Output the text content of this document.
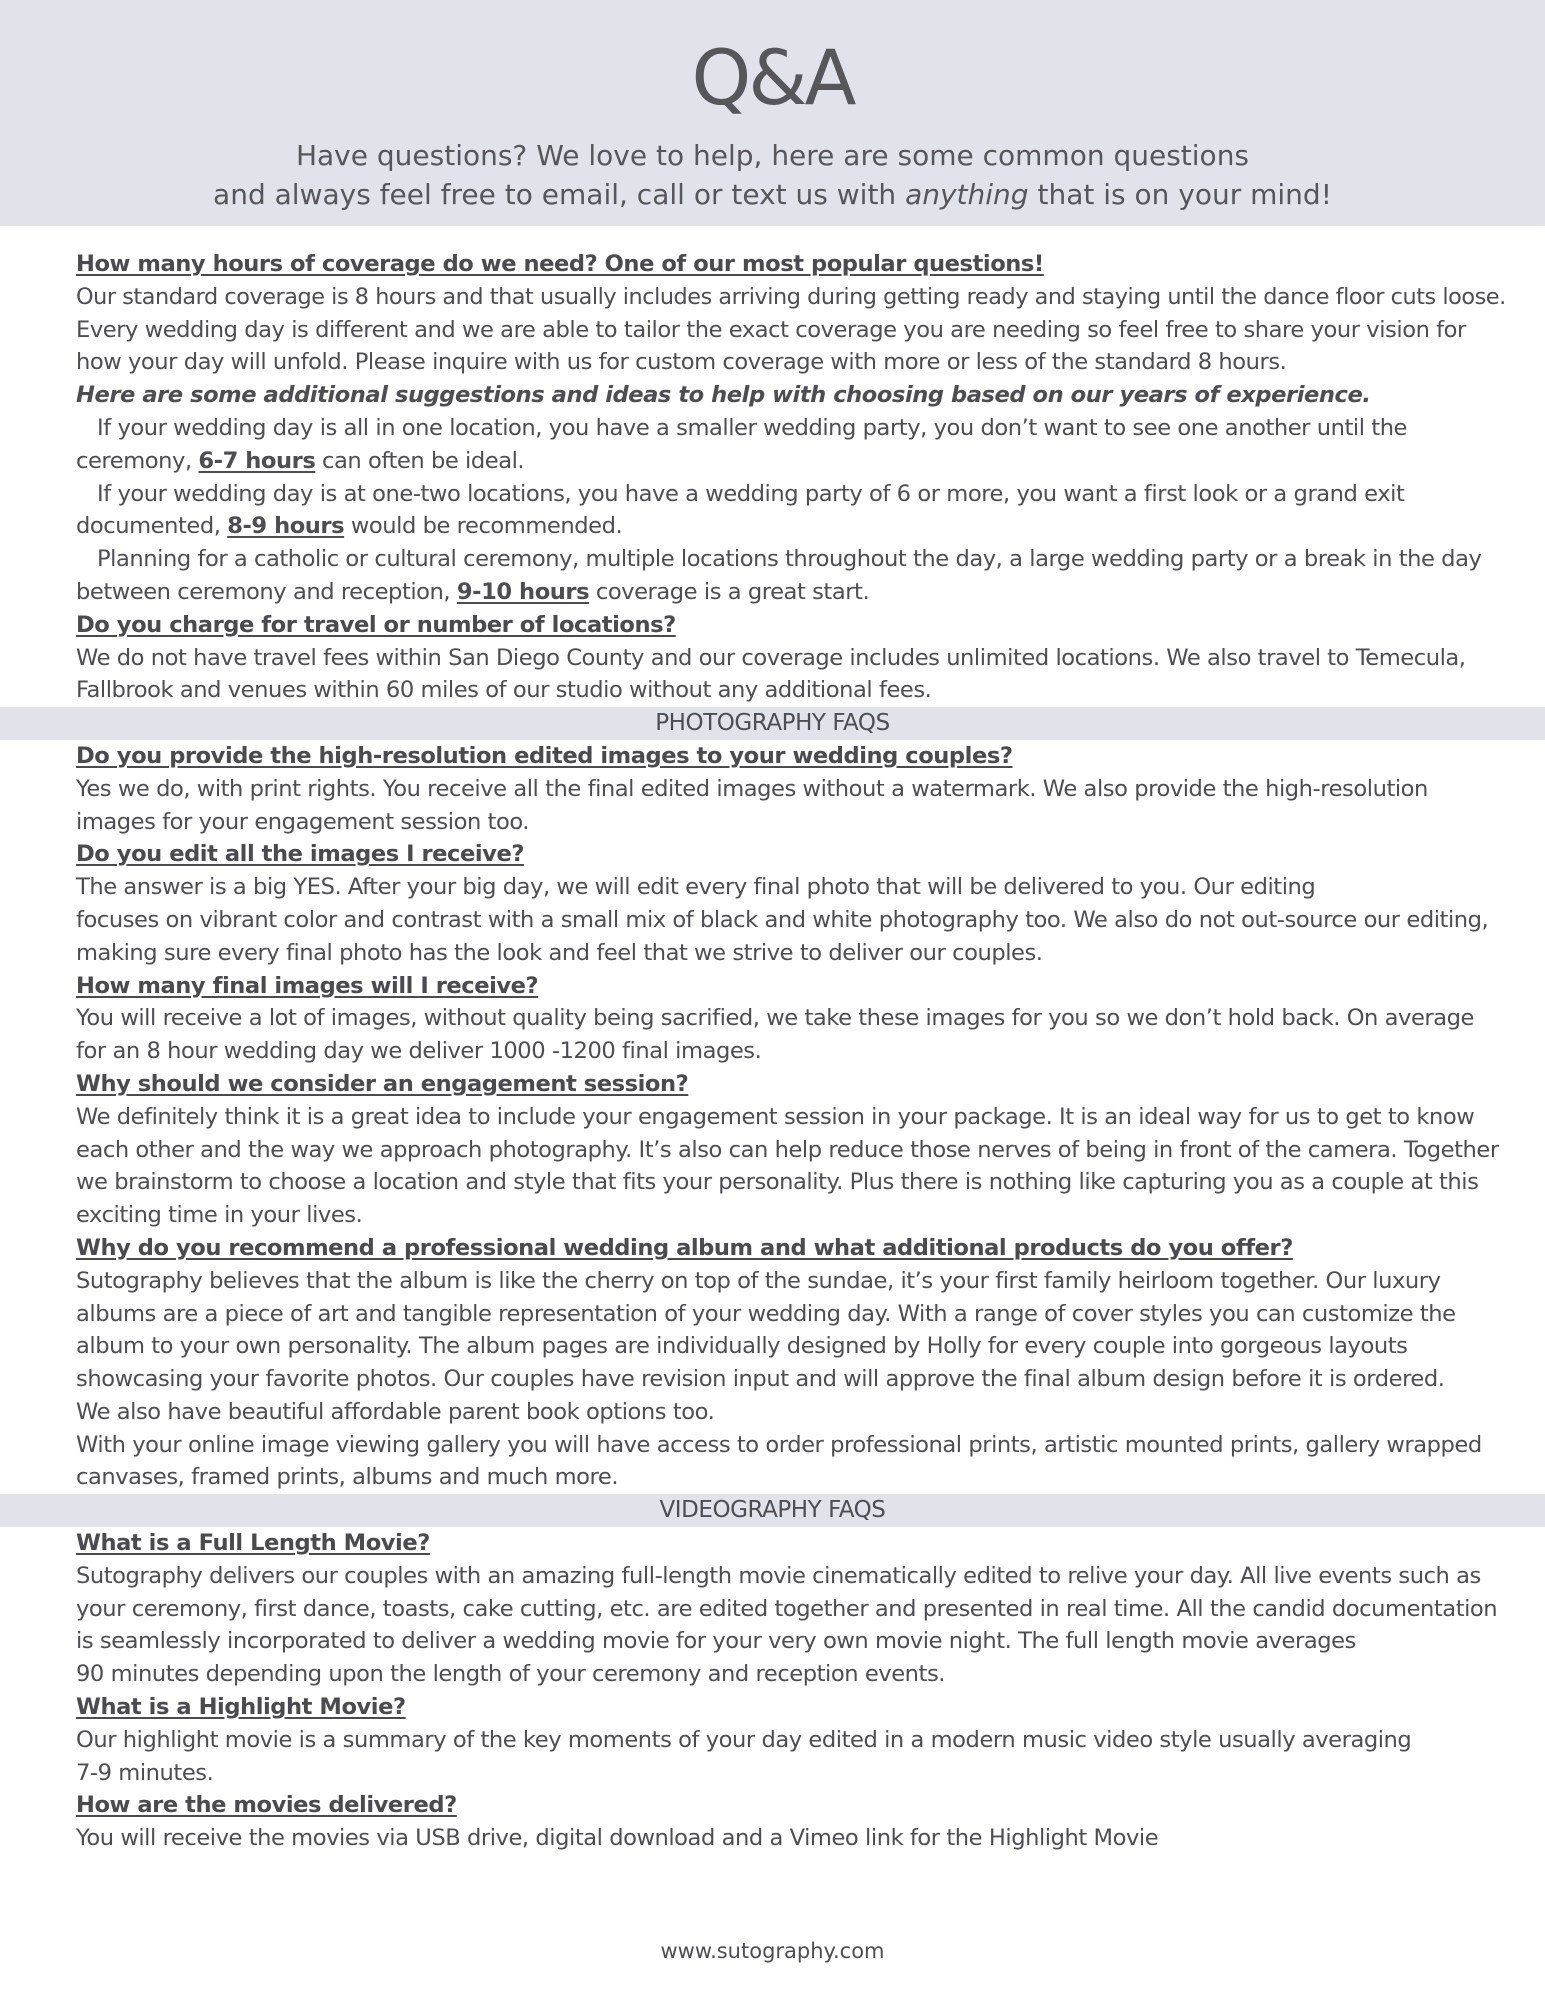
Q&A
Have questions? We love to help, here are some common questions
and always feel free to email, call or text us with anything that is on your mind!
How many hours of coverage do we need? One of our most popular questions!
Our standard coverage is 8 hours and that usually includes arriving during getting ready and staying until the dance floor cuts loose.
Every wedding day is different and we are able to tailor the exact coverage you are needing so feel free to share your vision for
how your day will unfold. Please inquire with us for custom coverage with more or less of the standard 8 hours.
Here are some additional suggestions and ideas to help with choosing based on our years of experience.
If your wedding day is all in one location, you have a smaller wedding party, you don’t want to see one another until the
ceremony, 6-7 hours can often be ideal.
If your wedding day is at one-two locations, you have a wedding party of 6 or more, you want a first look or a grand exit
documented, 8-9 hours would be recommended.
Planning for a catholic or cultural ceremony, multiple locations throughout the day, a large wedding party or a break in the day
between ceremony and reception, 9-10 hours coverage is a great start.
Do you charge for travel or number of locations?
We do not have travel fees within San Diego County and our coverage includes unlimited locations. We also travel to Temecula,
Fallbrook and venues within 60 miles of our studio without any additional fees.
PHOTOGRAPHY FAQS
Do you provide the high-resolution edited images to your wedding couples?
Yes we do, with print rights. You receive all the final edited images without a watermark. We also provide the high-resolution
images for your engagement session too.
Do you edit all the images I receive?
The answer is a big YES. After your big day, we will edit every final photo that will be delivered to you. Our editing
focuses on vibrant color and contrast with a small mix of black and white photography too. We also do not out-source our editing,
making sure every final photo has the look and feel that we strive to deliver our couples.
How many final images will I receive?
You will receive a lot of images, without quality being sacrified, we take these images for you so we don’t hold back. On average
for an 8 hour wedding day we deliver 1000 -1200 final images.
Why should we consider an engagement session?
We definitely think it is a great idea to include your engagement session in your package. It is an ideal way for us to get to know
each other and the way we approach photography. It’s also can help reduce those nerves of being in front of the camera. Together
we brainstorm to choose a location and style that fits your personality. Plus there is nothing like capturing you as a couple at this
exciting time in your lives.
Why do you recommend a professional wedding album and what additional products do you offer?
Sutography believes that the album is like the cherry on top of the sundae, it’s your first family heirloom together. Our luxury
albums are a piece of art and tangible representation of your wedding day. With a range of cover styles you can customize the
album to your own personality. The album pages are individually designed by Holly for every couple into gorgeous layouts
showcasing your favorite photos. Our couples have revision input and will approve the final album design before it is ordered.
We also have beautiful affordable parent book options too.
With your online image viewing gallery you will have access to order professional prints, artistic mounted prints, gallery wrapped
canvases, framed prints, albums and much more.
VIDEOGRAPHY FAQS
What is a Full Length Movie?
Sutography delivers our couples with an amazing full-length movie cinematically edited to relive your day. All live events such as
your ceremony, first dance, toasts, cake cutting, etc. are edited together and presented in real time. All the candid documentation
is seamlessly incorporated to deliver a wedding movie for your very own movie night. The full length movie averages
90 minutes depending upon the length of your ceremony and reception events.
What is a Highlight Movie?
Our highlight movie is a summary of the key moments of your day edited in a modern music video style usually averaging
7-9 minutes.
How are the movies delivered?
You will receive the movies via USB drive, digital download and a Vimeo link for the Highlight Movie
www.sutography.com
